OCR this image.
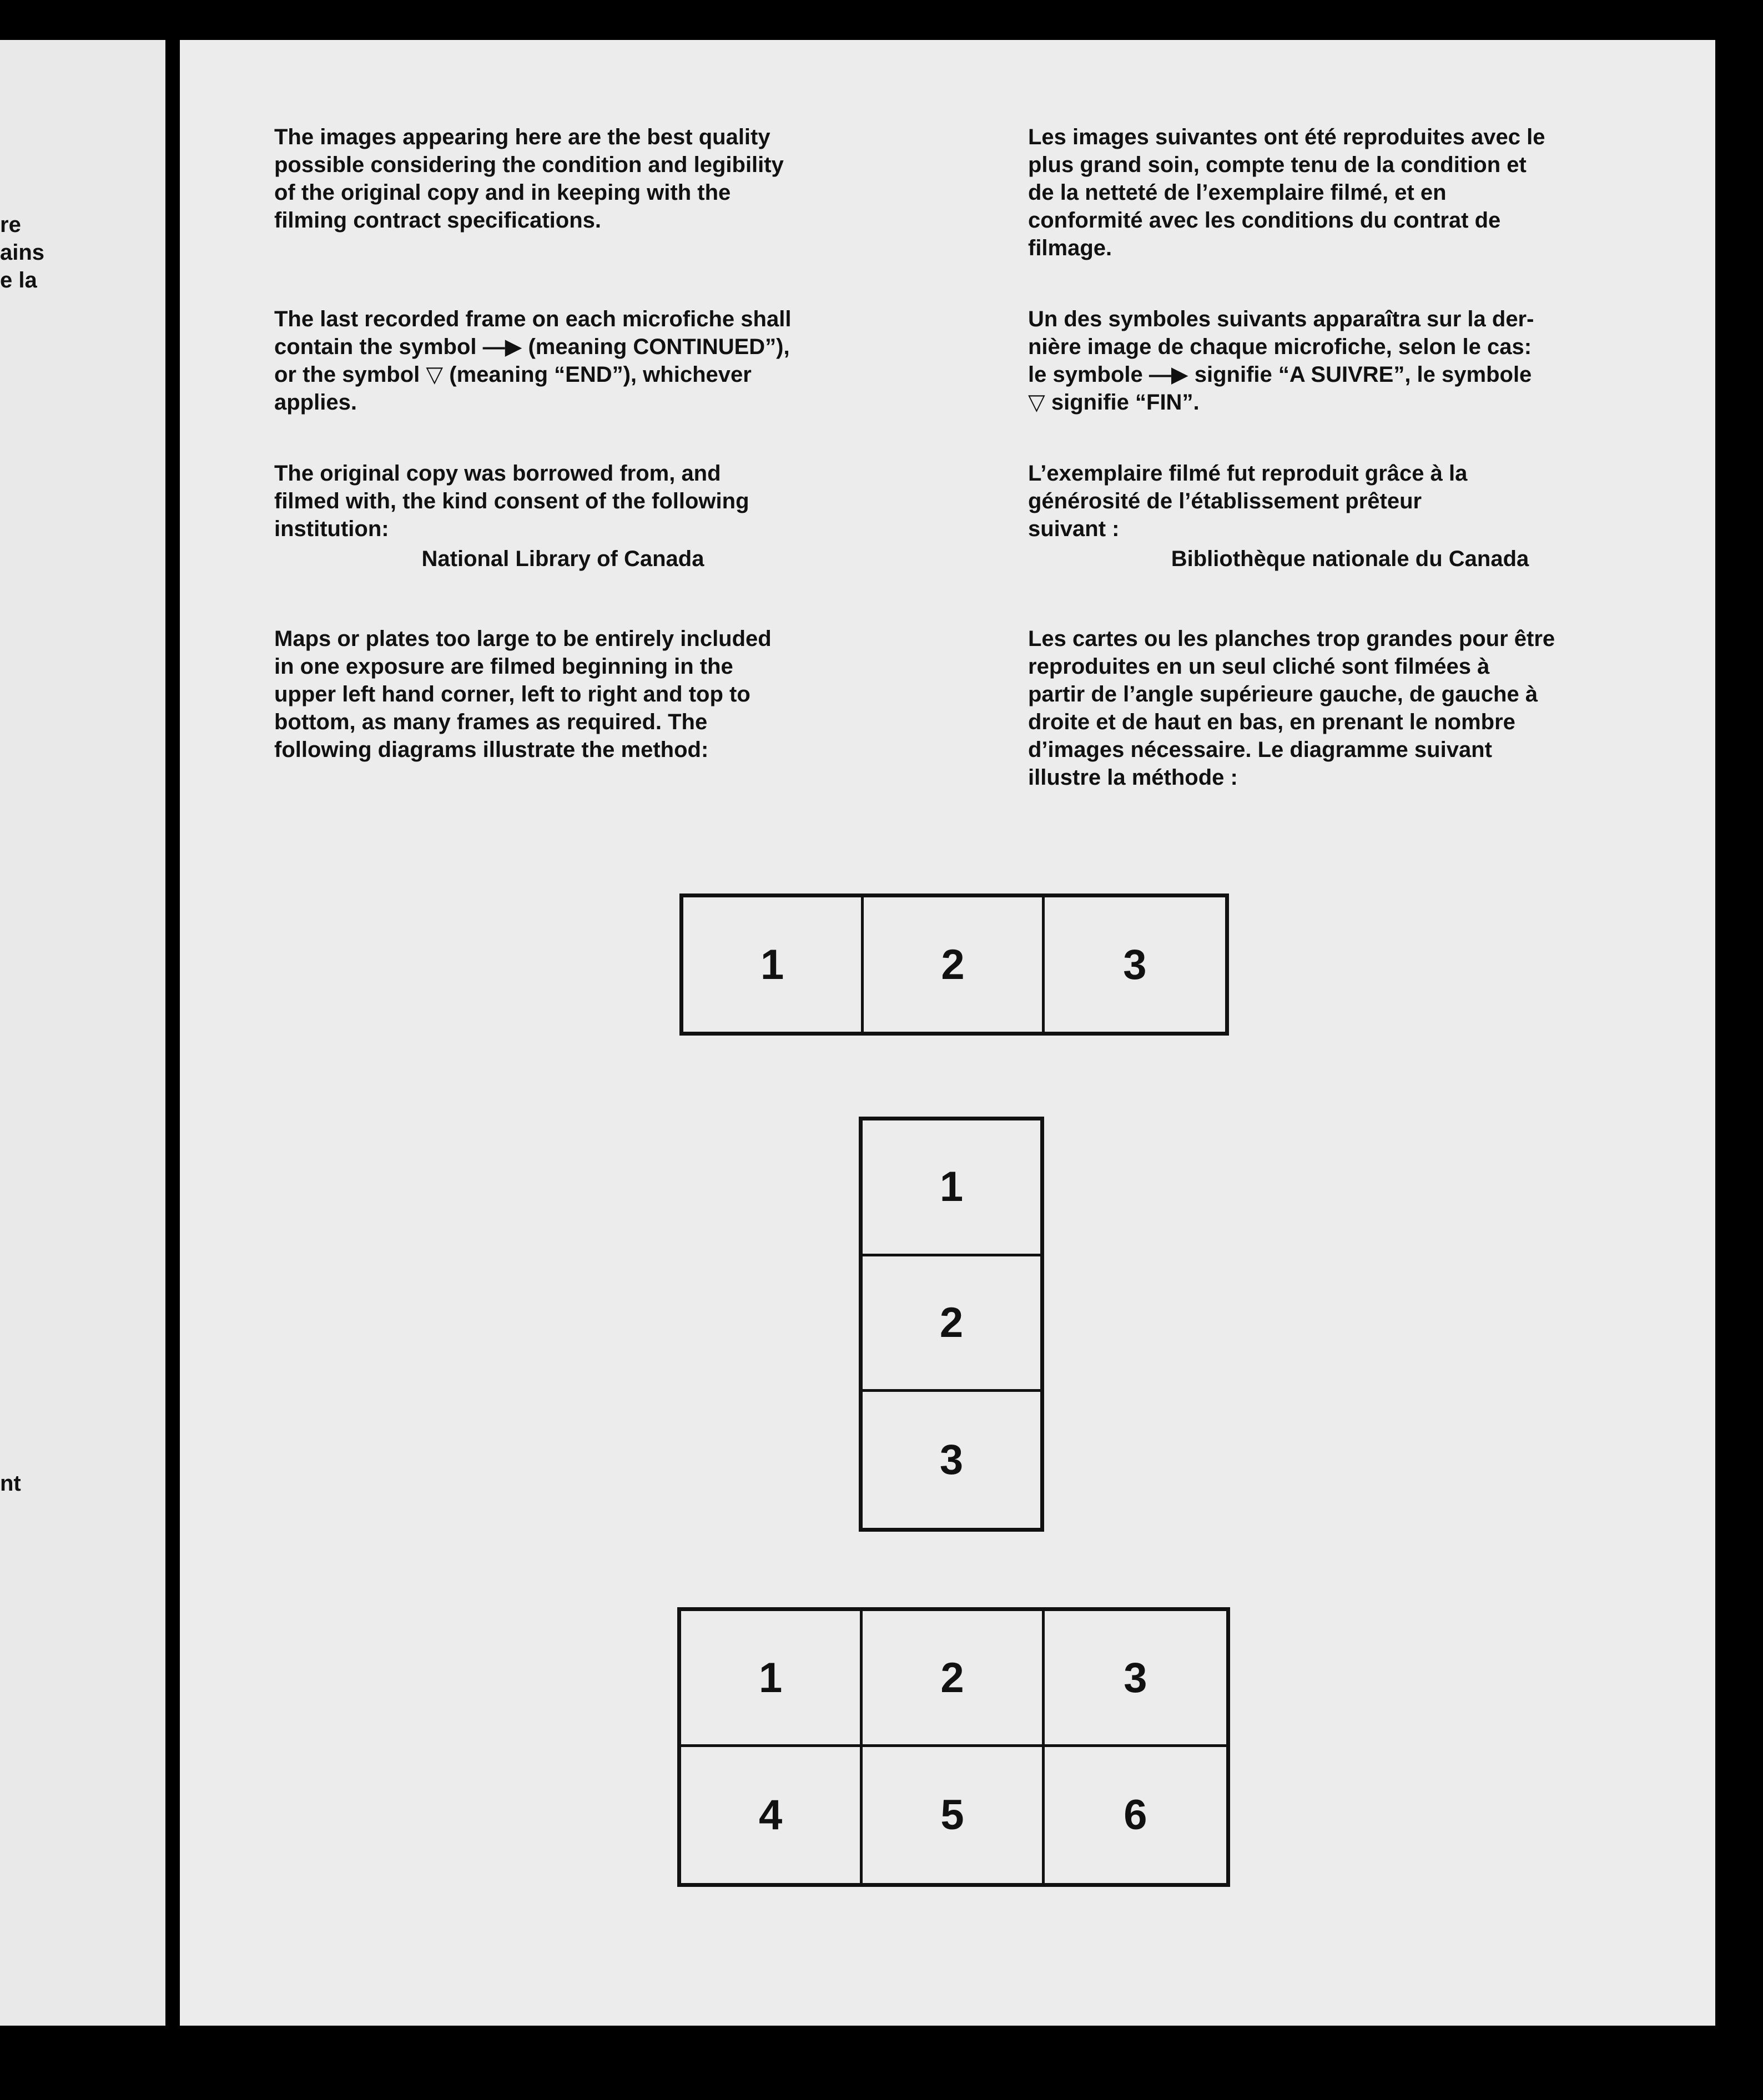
re
ains
e la
nt
The images appearing here are the best quality
possible considering the condition and legibility
of the original copy and in keeping with the
filming contract specifications.
The last recorded frame on each microfiche shall
contain the symbol —▶ (meaning CONTINUED”),
or the symbol ▽ (meaning “END”), whichever
applies.
The original copy was borrowed from, and
filmed with, the kind consent of the following
institution:
National Library of Canada
Maps or plates too large to be entirely included
in one exposure are filmed beginning in the
upper left hand corner, left to right and top to
bottom, as many frames as required. The
following diagrams illustrate the method:
Les images suivantes ont été reproduites avec le
plus grand soin, compte tenu de la condition et
de la netteté de l’exemplaire filmé, et en
conformité avec les conditions du contrat de
filmage.
Un des symboles suivants apparaîtra sur la der-
nière image de chaque microfiche, selon le cas:
le symbole —▶ signifie “A SUIVRE”, le symbole
▽ signifie “FIN”.
L’exemplaire filmé fut reproduit grâce à la
générosité de l’établissement prêteur
suivant :
Bibliothèque nationale du Canada
Les cartes ou les planches trop grandes pour être
reproduites en un seul cliché sont filmées à
partir de l’angle supérieure gauche, de gauche à
droite et de haut en bas, en prenant le nombre
d’images nécessaire. Le diagramme suivant
illustre la méthode :
1	2	3
1
2
3
1	2	3
4	5	6
